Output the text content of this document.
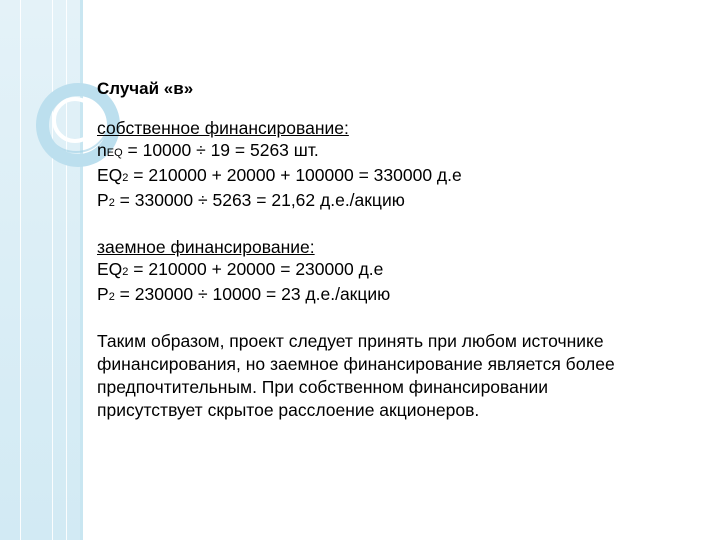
Случай «в»
собственное финансирование:
nEQ = 10000 ÷ 19 = 5263 шт.
EQ2 = 210000 + 20000 + 100000 = 330000 д.е
P2 = 330000 ÷ 5263 = 21,62 д.е./акцию
заемное финансирование:
EQ2 = 210000 + 20000 = 230000 д.е
P2 = 230000 ÷ 10000 = 23 д.е./акцию
Таким образом, проект следует принять при любом источнике
финансирования, но заемное финансирование является более
предпочтительным. При собственном финансировании
присутствует скрытое расслоение акционеров.
